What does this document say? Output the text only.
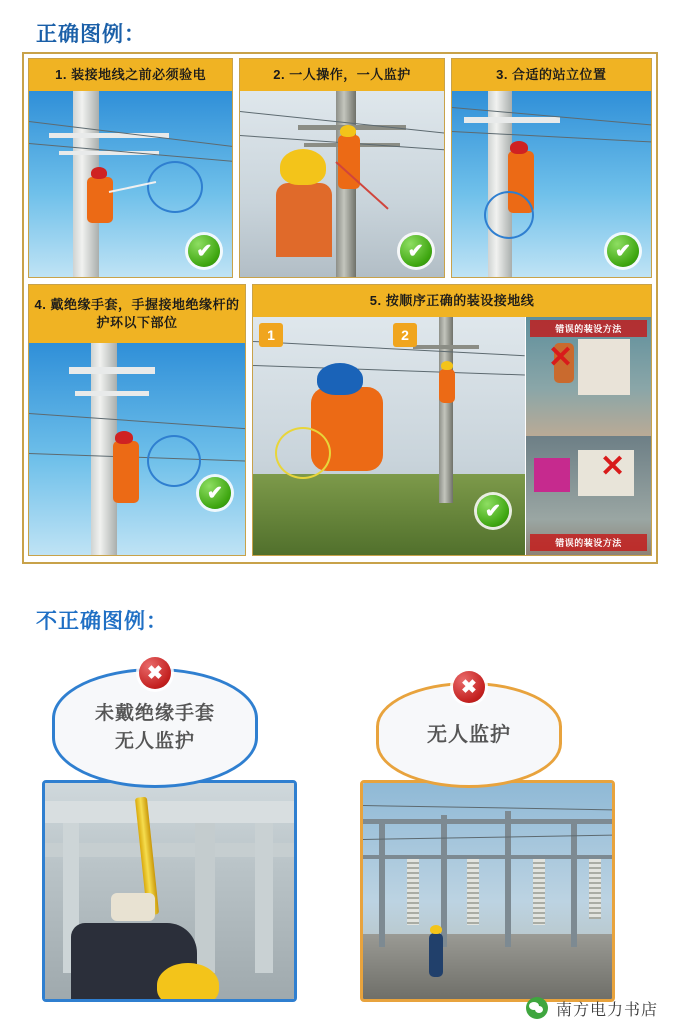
正确图例：
1. 装接地线之前必须验电
✔
2. 一人操作，一人监护
✔
3. 合适的站立位置
✔
4. 戴绝缘手套，手握接地绝缘杆的护环以下部位
✔
5. 按顺序正确的装设接地线
1	2
✔
✕
错误的装设方法
✕
错误的装设方法
不正确图例：
✖
未戴绝缘手套
无人监护
✖
无人监护
南方电力书店
